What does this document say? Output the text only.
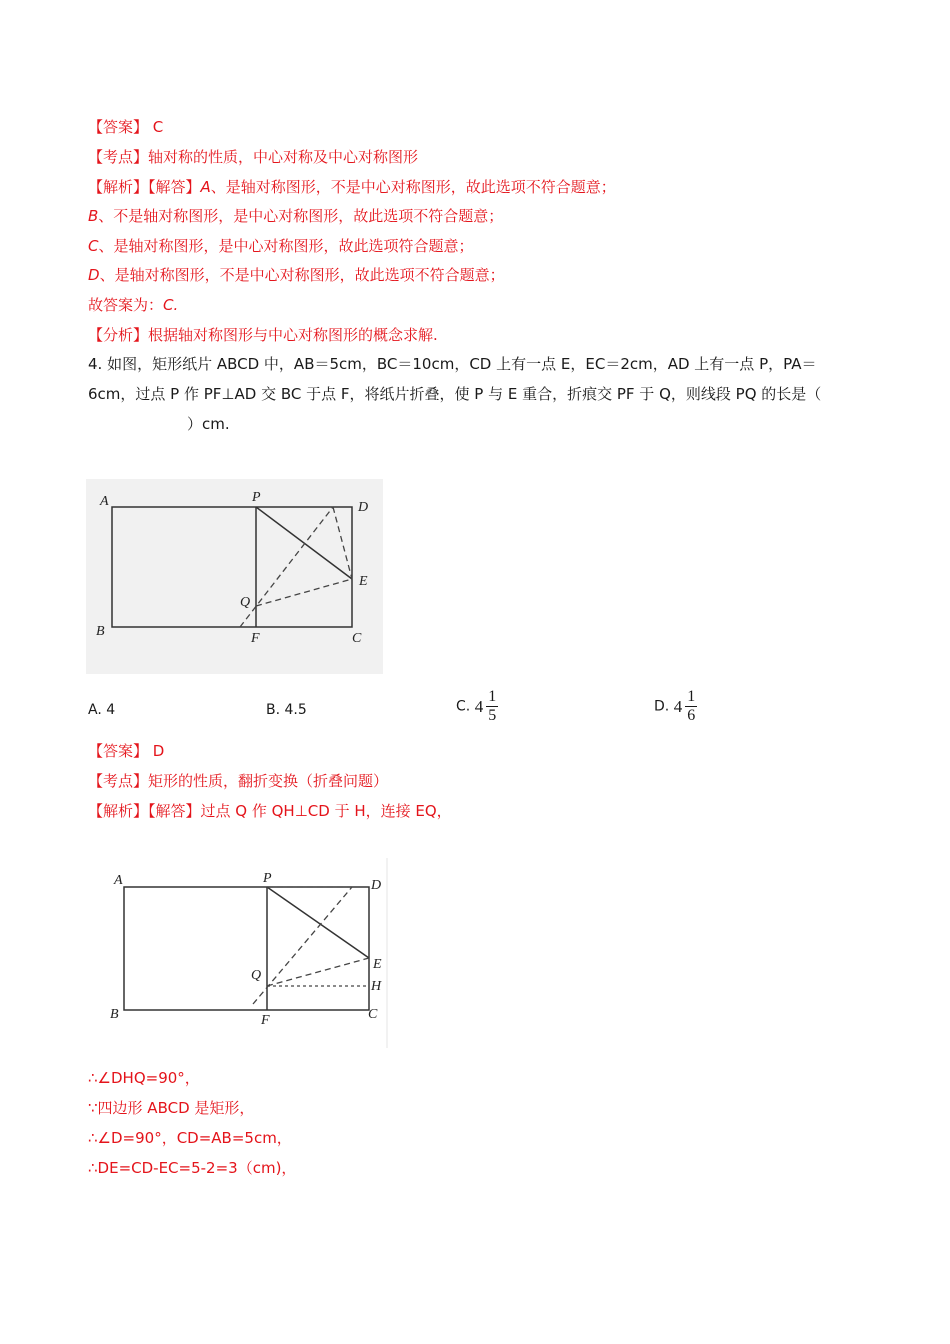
【答案】 C
【考点】轴对称的性质，中心对称及中心对称图形
【解析】【解答】A、是轴对称图形，不是中心对称图形，故此选项不符合题意；
B、不是轴对称图形，是中心对称图形，故此选项不符合题意；
C、是轴对称图形，是中心对称图形，故此选项符合题意；
D、是轴对称图形，不是中心对称图形，故此选项不符合题意；
故答案为：C.
【分析】根据轴对称图形与中心对称图形的概念求解.
4. 如图，矩形纸片 ABCD 中，AB＝5cm，BC＝10cm，CD 上有一点 E，EC＝2cm，AD 上有一点 P，PA＝
6cm，过点 P 作 PF⊥AD 交 BC 于点 F，将纸片折叠，使 P 与 E 重合，折痕交 PF 于 Q，则线段 PQ 的长是（
）cm.
A
B	C
D
P
E
Q
F
A. 4	B. 4.5	C. $4 \frac{1}{5}$	D. $4 \frac{1}{6}$
【答案】 D
【考点】矩形的性质，翻折变换（折叠问题）
【解析】【解答】过点 Q 作 QH⊥CD 于 H，连接 EQ，
A
B	C
D
P
E
Q
H
F
∴∠DHQ=90°，
∵四边形 ABCD 是矩形，
∴∠D=90°，CD=AB=5cm，
∴DE=CD-EC=5-2=3（cm)，
